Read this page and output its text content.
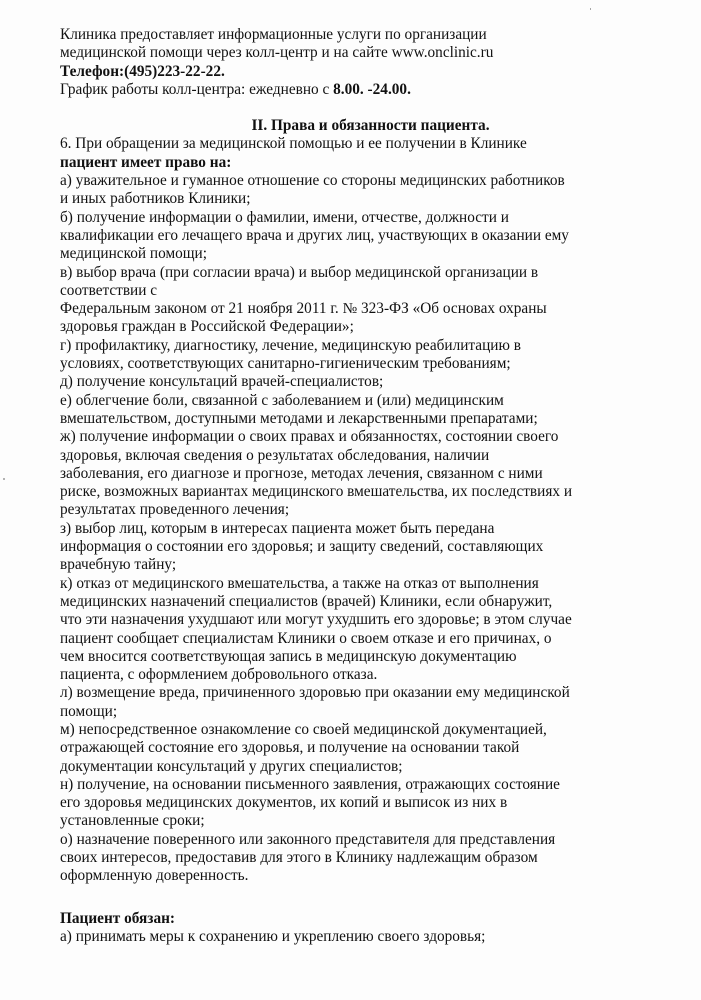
Клиника предоставляет информационные услуги по организации
медицинской помощи через колл-центр и на сайте www.onclinic.ru
Телефон:(495)223-22-22.
График работы колл-центра: ежедневно с 8.00. -24.00.
II. Права и обязанности пациента.
6. При обращении за медицинской помощью и ее получении в Клинике
пациент имеет право на:
а) уважительное и гуманное отношение со стороны медицинских работников
и иных работников Клиники;
б) получение информации о фамилии, имени, отчестве, должности и
квалификации его лечащего врача и других лиц, участвующих в оказании ему
медицинской помощи;
в) выбор врача (при согласии врача) и выбор медицинской организации в
соответствии с
Федеральным законом от 21 ноября 2011 г. № 323-ФЗ «Об основах охраны
здоровья граждан в Российской Федерации»;
г) профилактику, диагностику, лечение, медицинскую реабилитацию в
условиях, соответствующих санитарно-гигиеническим требованиям;
д) получение консультаций врачей-специалистов;
е) облегчение боли, связанной с заболеванием и (или) медицинским
вмешательством, доступными методами и лекарственными препаратами;
ж) получение информации о своих правах и обязанностях, состоянии своего
здоровья, включая сведения о результатах обследования, наличии
заболевания, его диагнозе и прогнозе, методах лечения, связанном с ними
риске, возможных вариантах медицинского вмешательства, их последствиях и
результатах проведенного лечения;
з) выбор лиц, которым в интересах пациента может быть передана
информация о состоянии его здоровья; и защиту сведений, составляющих
врачебную тайну;
к) отказ от медицинского вмешательства, а также на отказ от выполнения
медицинских назначений специалистов (врачей) Клиники, если обнаружит,
что эти назначения ухудшают или могут ухудшить его здоровье; в этом случае
пациент сообщает специалистам Клиники о своем отказе и его причинах, о
чем вносится соответствующая запись в медицинскую документацию
пациента, с оформлением добровольного отказа.
л) возмещение вреда, причиненного здоровью при оказании ему медицинской
помощи;
м) непосредственное ознакомление со своей медицинской документацией,
отражающей состояние его здоровья, и получение на основании такой
документации консультаций у других специалистов;
н) получение, на основании письменного заявления, отражающих состояние
его здоровья медицинских документов, их копий и выписок из них в
установленные сроки;
о) назначение поверенного или законного представителя для представления
своих интересов, предоставив для этого в Клинику надлежащим образом
оформленную доверенность.
Пациент обязан:
а) принимать меры к сохранению и укреплению своего здоровья;
